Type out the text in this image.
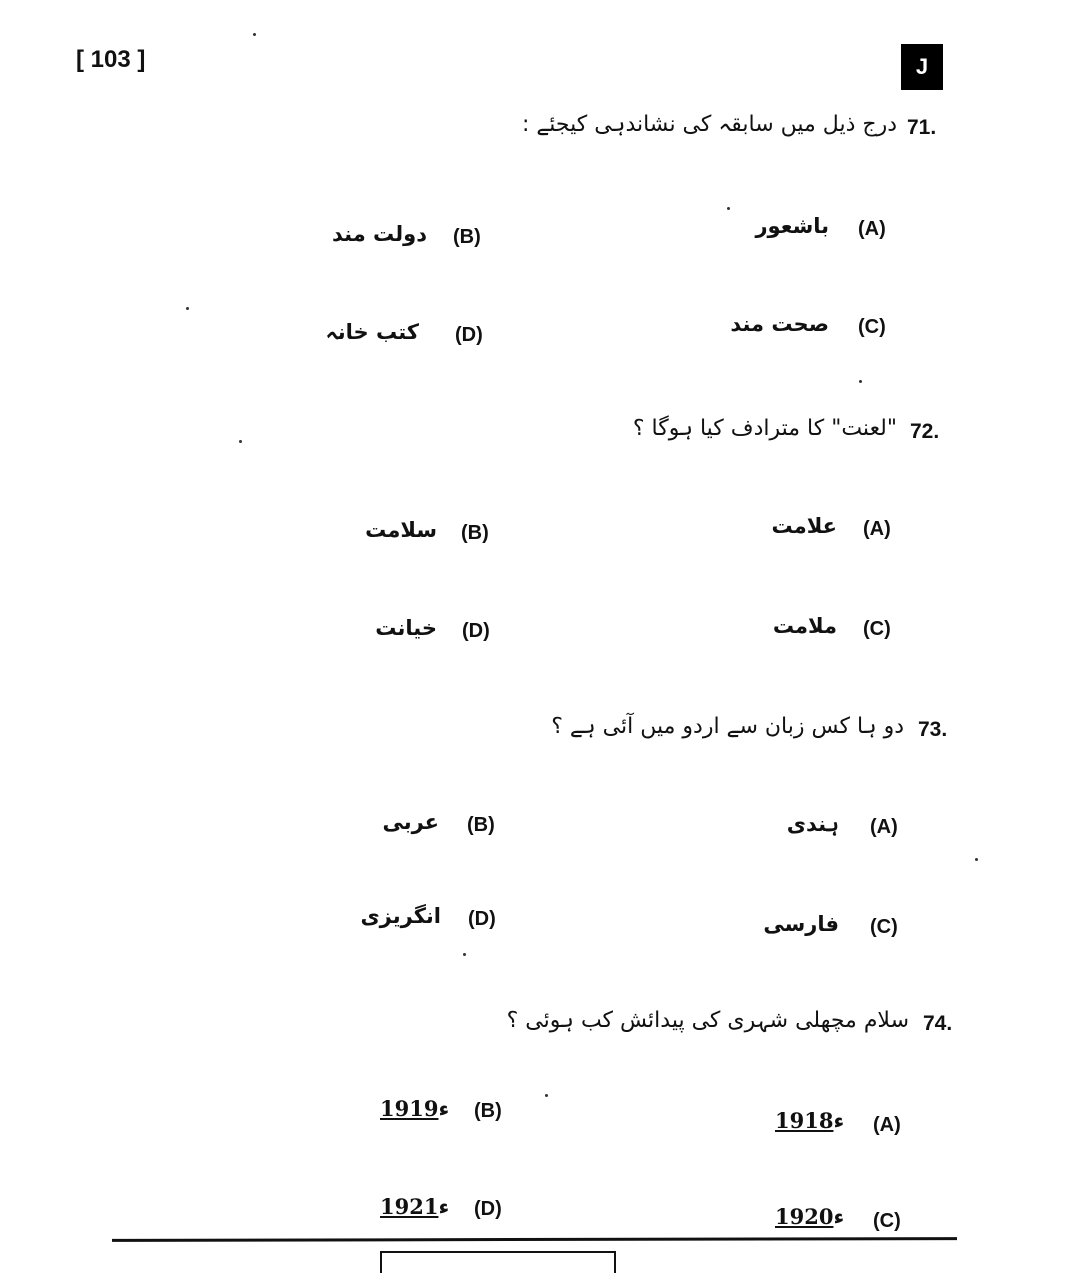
[ 103 ]	J
71.
درج ذیل میں سابقہ کی نشاندہی کیجئے :
(A)
باشعور
(B)
دولت مند
(C)
صحت مند
(D)
کتب خانہ
72.
"لعنت" کا مترادف کیا ہوگا ؟
(A)
علامت
(B)
سلامت
(C)
ملامت
(D)
خیانت
73.
دو ہا کس زبان سے اردو میں آئی ہے ؟
(A)
ہندی
(B)
عربی
(C)
فارسی
(D)
انگریزی
74.
سلام مچھلی شہری کی پیدائش کب ہوئی ؟
(A)
ء1918
(B)
ء1919
(C)
ء1920
(D)
ء1921
